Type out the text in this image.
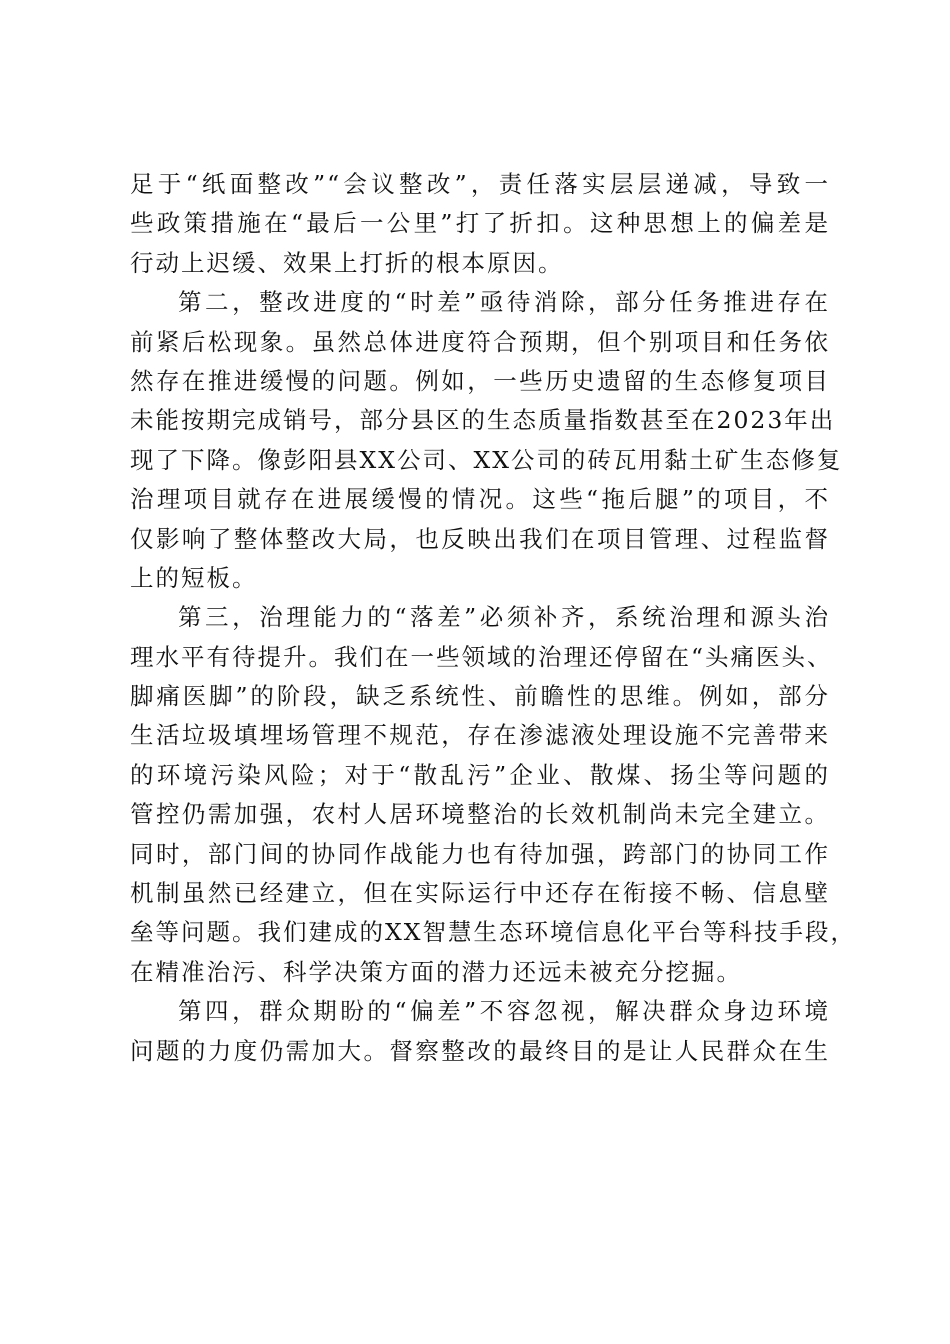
足于“纸面整改”“会议整改”，责任落实层层递减，导致一
些政策措施在“最后一公里”打了折扣。这种思想上的偏差是
行动上迟缓、效果上打折的根本原因。
第二，整改进度的“时差”亟待消除，部分任务推进存在
前紧后松现象。虽然总体进度符合预期，但个别项目和任务依
然存在推进缓慢的问题。例如，一些历史遗留的生态修复项目
未能按期完成销号，部分县区的生态质量指数甚至在2023年出
现了下降。像彭阳县XX公司、XX公司的砖瓦用黏土矿生态修复
治理项目就存在进展缓慢的情况。这些“拖后腿”的项目，不
仅影响了整体整改大局，也反映出我们在项目管理、过程监督
上的短板。
第三，治理能力的“落差”必须补齐，系统治理和源头治
理水平有待提升。我们在一些领域的治理还停留在“头痛医头、
脚痛医脚”的阶段，缺乏系统性、前瞻性的思维。例如，部分
生活垃圾填埋场管理不规范，存在渗滤液处理设施不完善带来
的环境污染风险；对于“散乱污”企业、散煤、扬尘等问题的
管控仍需加强，农村人居环境整治的长效机制尚未完全建立。
同时，部门间的协同作战能力也有待加强，跨部门的协同工作
机制虽然已经建立，但在实际运行中还存在衔接不畅、信息壁
垒等问题。我们建成的XX智慧生态环境信息化平台等科技手段，
在精准治污、科学决策方面的潜力还远未被充分挖掘。
第四，群众期盼的“偏差”不容忽视，解决群众身边环境
问题的力度仍需加大。督察整改的最终目的是让人民群众在生
